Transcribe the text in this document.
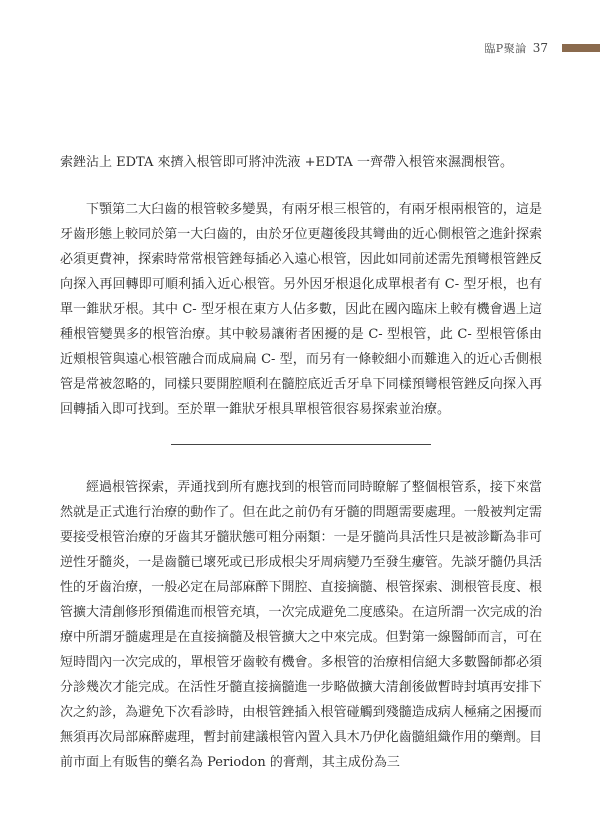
臨P聚論 37

索銼沾上 EDTA 來擠入根管即可將沖洗液 +EDTA 一齊帶入根管來濕潤根管。

下顎第二大臼齒的根管較多變異，有兩牙根三根管的，有兩牙根兩根管的，這是牙齒形態上較同於第一大臼齒的，由於牙位更趨後段其彎曲的近心側根管之進針探索必須更費神，探索時常常根管銼每插必入遠心根管，因此如同前述需先預彎根管銼反向探入再回轉即可順利插入近心根管。另外因牙根退化成單根者有 C- 型牙根，也有單一錐狀牙根。其中 C- 型牙根在東方人佔多數，因此在國內臨床上較有機會遇上這種根管變異多的根管治療。其中較易讓術者困擾的是 C- 型根管，此 C- 型根管係由近頰根管與遠心根管融合而成扁扁 C- 型，而另有一條較細小而難進入的近心舌側根管是常被忽略的，同樣只要開腔順利在髓腔底近舌牙阜下同樣預彎根管銼反向探入再回轉插入即可找到。至於單一錐狀牙根具單根管很容易探索並治療。

經過根管探索，弄通找到所有應找到的根管而同時瞭解了整個根管系，接下來當然就是正式進行治療的動作了。但在此之前仍有牙髓的問題需要處理。一般被判定需要接受根管治療的牙齒其牙髓狀態可粗分兩類：一是牙髓尚具活性只是被診斷為非可逆性牙髓炎，一是齒髓已壞死或已形成根尖牙周病變乃至發生瘻管。先談牙髓仍具活性的牙齒治療，一般必定在局部麻醉下開腔、直接摘髓、根管探索、測根管長度、根管擴大清創修形預備進而根管充填，一次完成避免二度感染。在這所謂一次完成的治療中所謂牙髓處理是在直接摘髓及根管擴大之中來完成。但對第一線醫師而言，可在短時間內一次完成的，單根管牙齒較有機會。多根管的治療相信絕大多數醫師都必須分診幾次才能完成。在活性牙髓直接摘髓進一步略做擴大清創後做暫時封填再安排下次之約診，為避免下次看診時，由根管銼插入根管碰觸到殘髓造成病人極痛之困擾而無須再次局部麻醉處理，暫封前建議根管內置入具木乃伊化齒髓組織作用的藥劑。目前市面上有販售的藥名為 Periodon 的膏劑，其主成份為三
